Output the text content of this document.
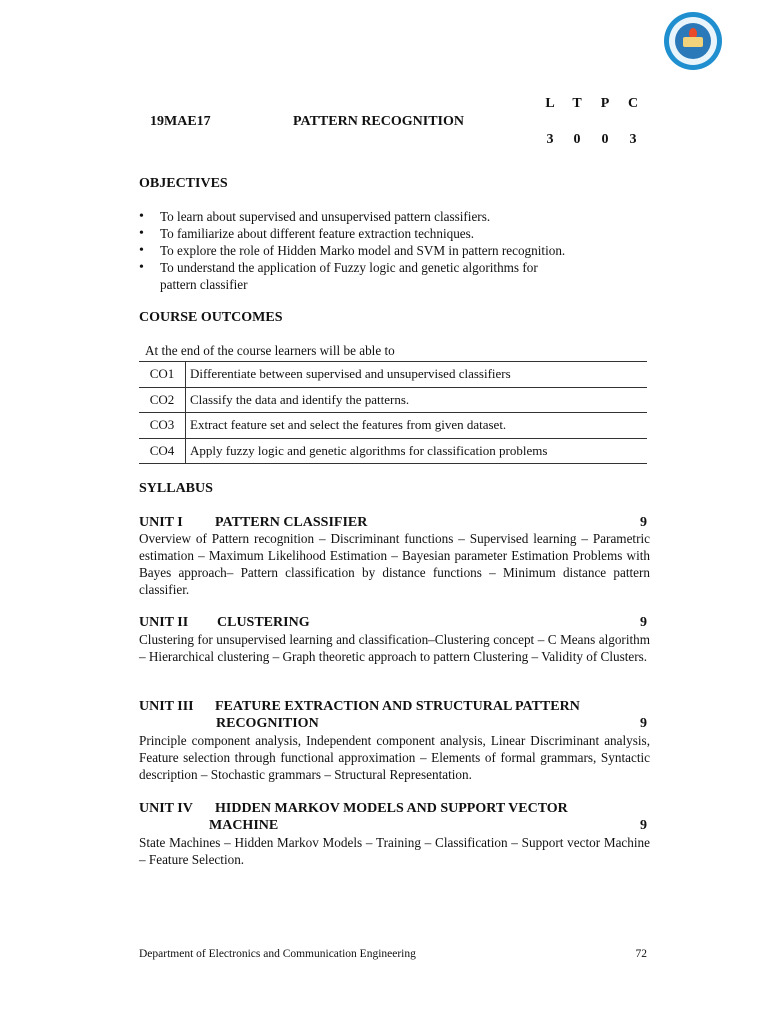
19MAE17	PATTERN RECOGNITION
L T P C
3 0 0 3
OBJECTIVES
• To learn about supervised and unsupervised pattern classifiers.
• To familiarize about different feature extraction techniques.
• To explore the role of Hidden Marko model and SVM in pattern recognition.
• To understand the application of Fuzzy logic and genetic algorithms for pattern classifier
COURSE OUTCOMES
At the end of the course learners will be able to
CO1	Differentiate between supervised and unsupervised classifiers
CO2	Classify the data and identify the patterns.
CO3	Extract feature set and select the features from given dataset.
CO4	Apply fuzzy logic and genetic algorithms for classification problems
SYLLABUS
UNIT I PATTERN CLASSIFIER	9
Overview of Pattern recognition – Discriminant functions – Supervised learning – Parametric estimation – Maximum Likelihood Estimation – Bayesian parameter Estimation Problems with Bayes approach– Pattern classification by distance functions – Minimum distance pattern classifier.
UNIT II CLUSTERING	9
Clustering for unsupervised learning and classification–Clustering concept – C Means algorithm – Hierarchical clustering – Graph theoretic approach to pattern Clustering – Validity of Clusters.
UNIT III FEATURE EXTRACTION AND STRUCTURAL PATTERN
RECOGNITION	9
Principle component analysis, Independent component analysis, Linear Discriminant analysis, Feature selection through functional approximation – Elements of formal grammars, Syntactic description – Stochastic grammars – Structural Representation.
UNIT IV HIDDEN MARKOV MODELS AND SUPPORT VECTOR
MACHINE	9
State Machines – Hidden Markov Models – Training – Classification – Support vector Machine – Feature Selection.
Department of Electronics and Communication Engineering	72
